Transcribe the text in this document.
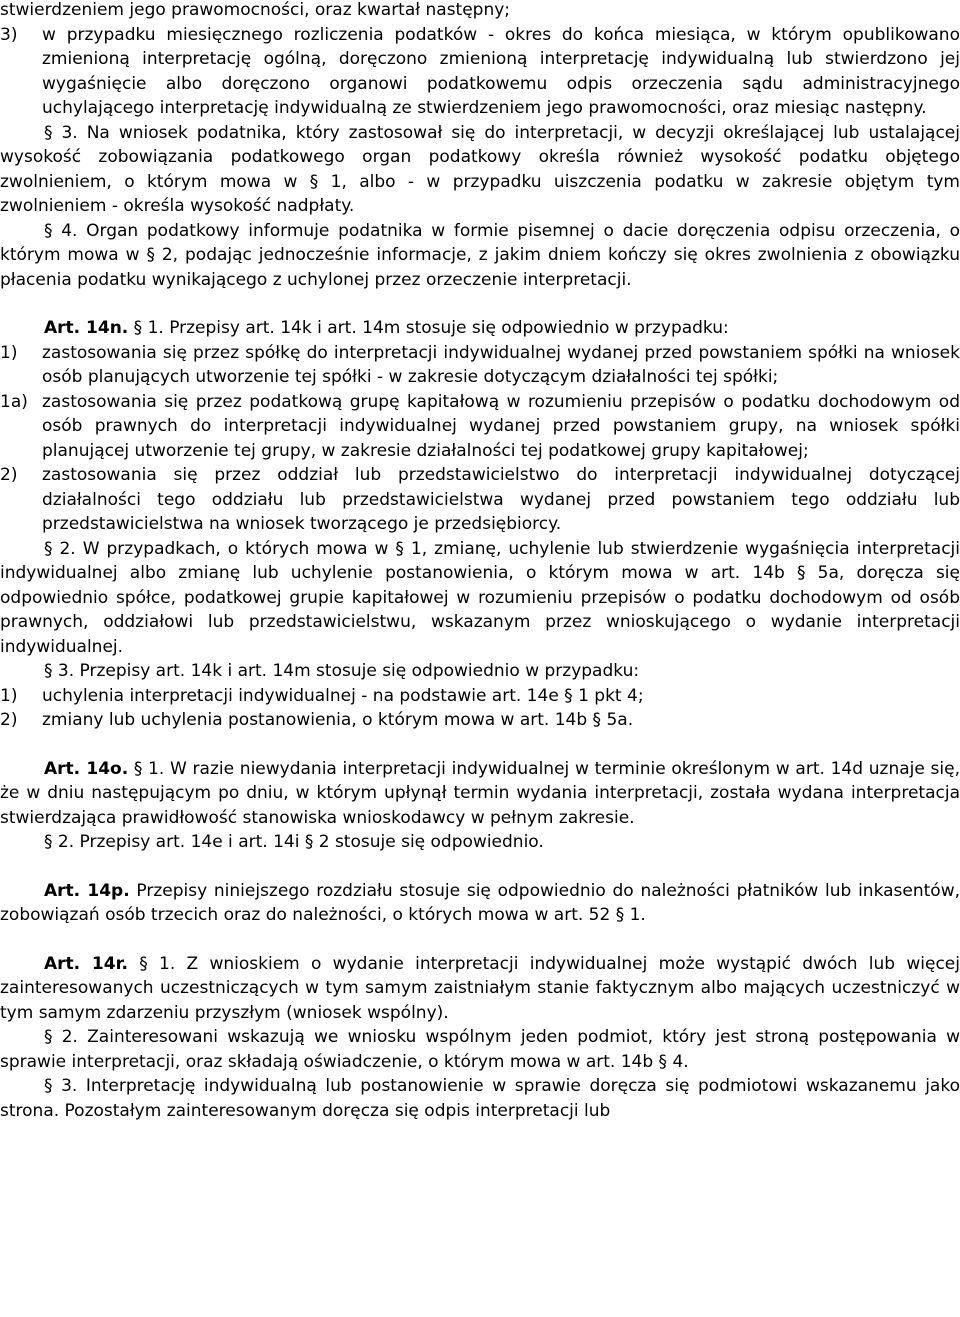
stwierdzeniem jego prawomocności, oraz kwartał następny;

3) w przypadku miesięcznego rozliczenia podatków - okres do końca miesiąca, w którym opublikowano zmienioną interpretację ogólną, doręczono zmienioną interpretację indywidualną lub stwierdzono jej wygaśnięcie albo doręczono organowi podatkowemu odpis orzeczenia sądu administracyjnego uchylającego interpretację indywidualną ze stwierdzeniem jego prawomocności, oraz miesiąc następny.

§ 3. Na wniosek podatnika, który zastosował się do interpretacji, w decyzji określającej lub ustalającej wysokość zobowiązania podatkowego organ podatkowy określa również wysokość podatku objętego zwolnieniem, o którym mowa w § 1, albo - w przypadku uiszczenia podatku w zakresie objętym tym zwolnieniem - określa wysokość nadpłaty.

§ 4. Organ podatkowy informuje podatnika w formie pisemnej o dacie doręczenia odpisu orzeczenia, o którym mowa w § 2, podając jednocześnie informacje, z jakim dniem kończy się okres zwolnienia z obowiązku płacenia podatku wynikającego z uchylonej przez orzeczenie interpretacji.

Art. 14n. § 1. Przepisy art. 14k i art. 14m stosuje się odpowiednio w przypadku:

1) zastosowania się przez spółkę do interpretacji indywidualnej wydanej przed powstaniem spółki na wniosek osób planujących utworzenie tej spółki - w zakresie dotyczącym działalności tej spółki;
1a) zastosowania się przez podatkową grupę kapitałową w rozumieniu przepisów o podatku dochodowym od osób prawnych do interpretacji indywidualnej wydanej przed powstaniem grupy, na wniosek spółki planującej utworzenie tej grupy, w zakresie działalności tej podatkowej grupy kapitałowej;
2) zastosowania się przez oddział lub przedstawicielstwo do interpretacji indywidualnej dotyczącej działalności tego oddziału lub przedstawicielstwa wydanej przed powstaniem tego oddziału lub przedstawicielstwa na wniosek tworzącego je przedsiębiorcy.

§ 2. W przypadkach, o których mowa w § 1, zmianę, uchylenie lub stwierdzenie wygaśnięcia interpretacji indywidualnej albo zmianę lub uchylenie postanowienia, o którym mowa w art. 14b § 5a, doręcza się odpowiednio spółce, podatkowej grupie kapitałowej w rozumieniu przepisów o podatku dochodowym od osób prawnych, oddziałowi lub przedstawicielstwu, wskazanym przez wnioskującego o wydanie interpretacji indywidualnej.

§ 3. Przepisy art. 14k i art. 14m stosuje się odpowiednio w przypadku:

1) uchylenia interpretacji indywidualnej - na podstawie art. 14e § 1 pkt 4;
2) zmiany lub uchylenia postanowienia, o którym mowa w art. 14b § 5a.

Art. 14o. § 1. W razie niewydania interpretacji indywidualnej w terminie określonym w art. 14d uznaje się, że w dniu następującym po dniu, w którym upłynął termin wydania interpretacji, została wydana interpretacja stwierdzająca prawidłowość stanowiska wnioskodawcy w pełnym zakresie.

§ 2. Przepisy art. 14e i art. 14i § 2 stosuje się odpowiednio.

Art. 14p. Przepisy niniejszego rozdziału stosuje się odpowiednio do należności płatników lub inkasentów, zobowiązań osób trzecich oraz do należności, o których mowa w art. 52 § 1.

Art. 14r. § 1. Z wnioskiem o wydanie interpretacji indywidualnej może wystąpić dwóch lub więcej zainteresowanych uczestniczących w tym samym zaistniałym stanie faktycznym albo mających uczestniczyć w tym samym zdarzeniu przyszłym (wniosek wspólny).

§ 2. Zainteresowani wskazują we wniosku wspólnym jeden podmiot, który jest stroną postępowania w sprawie interpretacji, oraz składają oświadczenie, o którym mowa w art. 14b § 4.

§ 3. Interpretację indywidualną lub postanowienie w sprawie doręcza się podmiotowi wskazanemu jako strona. Pozostałym zainteresowanym doręcza się odpis interpretacji lub
